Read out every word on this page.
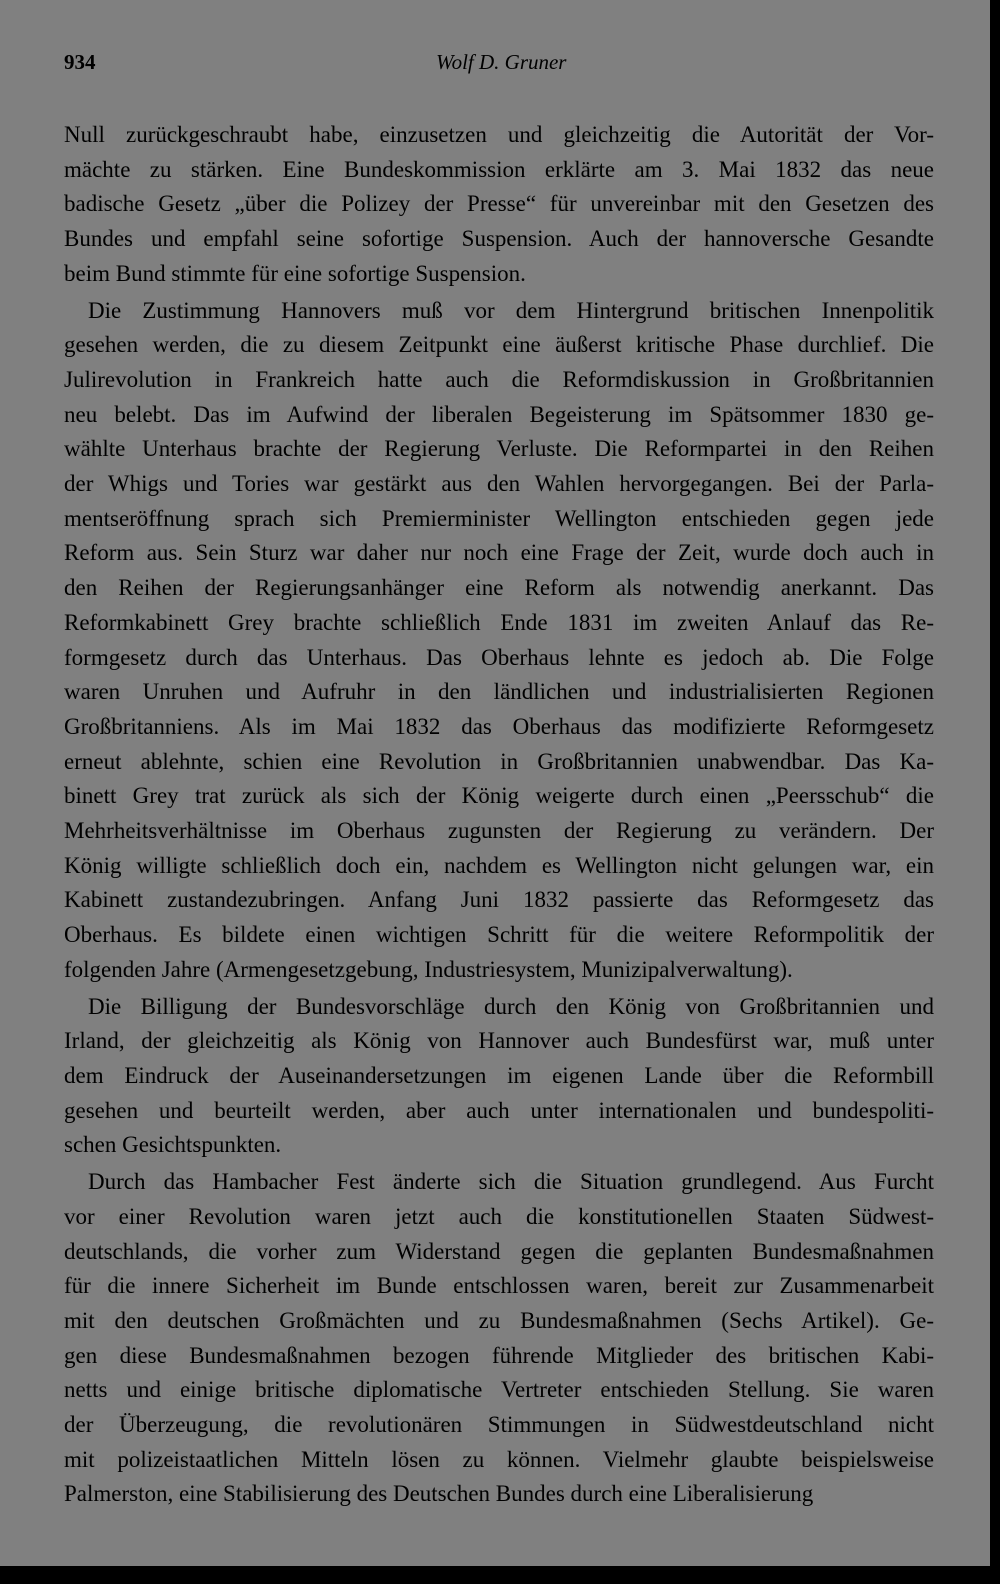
934	Wolf D. Gruner
Null zurückgeschraubt habe, einzusetzen und gleichzeitig die Autorität der Vor-
mächte zu stärken. Eine Bundeskommission erklärte am 3. Mai 1832 das neue
badische Gesetz „über die Polizey der Presse“ für unvereinbar mit den Gesetzen des
Bundes und empfahl seine sofortige Suspension. Auch der hannoversche Gesandte
beim Bund stimmte für eine sofortige Suspension.
Die Zustimmung Hannovers muß vor dem Hintergrund britischen Innenpolitik
gesehen werden, die zu diesem Zeitpunkt eine äußerst kritische Phase durchlief. Die
Julirevolution in Frankreich hatte auch die Reformdiskussion in Großbritannien
neu belebt. Das im Aufwind der liberalen Begeisterung im Spätsommer 1830 ge-
wählte Unterhaus brachte der Regierung Verluste. Die Reformpartei in den Reihen
der Whigs und Tories war gestärkt aus den Wahlen hervorgegangen. Bei der Parla-
mentseröffnung sprach sich Premierminister Wellington entschieden gegen jede
Reform aus. Sein Sturz war daher nur noch eine Frage der Zeit, wurde doch auch in
den Reihen der Regierungsanhänger eine Reform als notwendig anerkannt. Das
Reformkabinett Grey brachte schließlich Ende 1831 im zweiten Anlauf das Re-
formgesetz durch das Unterhaus. Das Oberhaus lehnte es jedoch ab. Die Folge
waren Unruhen und Aufruhr in den ländlichen und industrialisierten Regionen
Großbritanniens. Als im Mai 1832 das Oberhaus das modifizierte Reformgesetz
erneut ablehnte, schien eine Revolution in Großbritannien unabwendbar. Das Ka-
binett Grey trat zurück als sich der König weigerte durch einen „Peersschub“ die
Mehrheitsverhältnisse im Oberhaus zugunsten der Regierung zu verändern. Der
König willigte schließlich doch ein, nachdem es Wellington nicht gelungen war, ein
Kabinett zustandezubringen. Anfang Juni 1832 passierte das Reformgesetz das
Oberhaus. Es bildete einen wichtigen Schritt für die weitere Reformpolitik der
folgenden Jahre (Armengesetzgebung, Industriesystem, Munizipalverwaltung).
Die Billigung der Bundesvorschläge durch den König von Großbritannien und
Irland, der gleichzeitig als König von Hannover auch Bundesfürst war, muß unter
dem Eindruck der Auseinandersetzungen im eigenen Lande über die Reformbill
gesehen und beurteilt werden, aber auch unter internationalen und bundespoliti-
schen Gesichtspunkten.
Durch das Hambacher Fest änderte sich die Situation grundlegend. Aus Furcht
vor einer Revolution waren jetzt auch die konstitutionellen Staaten Südwest-
deutschlands, die vorher zum Widerstand gegen die geplanten Bundesmaßnahmen
für die innere Sicherheit im Bunde entschlossen waren, bereit zur Zusammenarbeit
mit den deutschen Großmächten und zu Bundesmaßnahmen (Sechs Artikel). Ge-
gen diese Bundesmaßnahmen bezogen führende Mitglieder des britischen Kabi-
netts und einige britische diplomatische Vertreter entschieden Stellung. Sie waren
der Überzeugung, die revolutionären Stimmungen in Südwestdeutschland nicht
mit polizeistaatlichen Mitteln lösen zu können. Vielmehr glaubte beispielsweise
Palmerston, eine Stabilisierung des Deutschen Bundes durch eine Liberalisierung
